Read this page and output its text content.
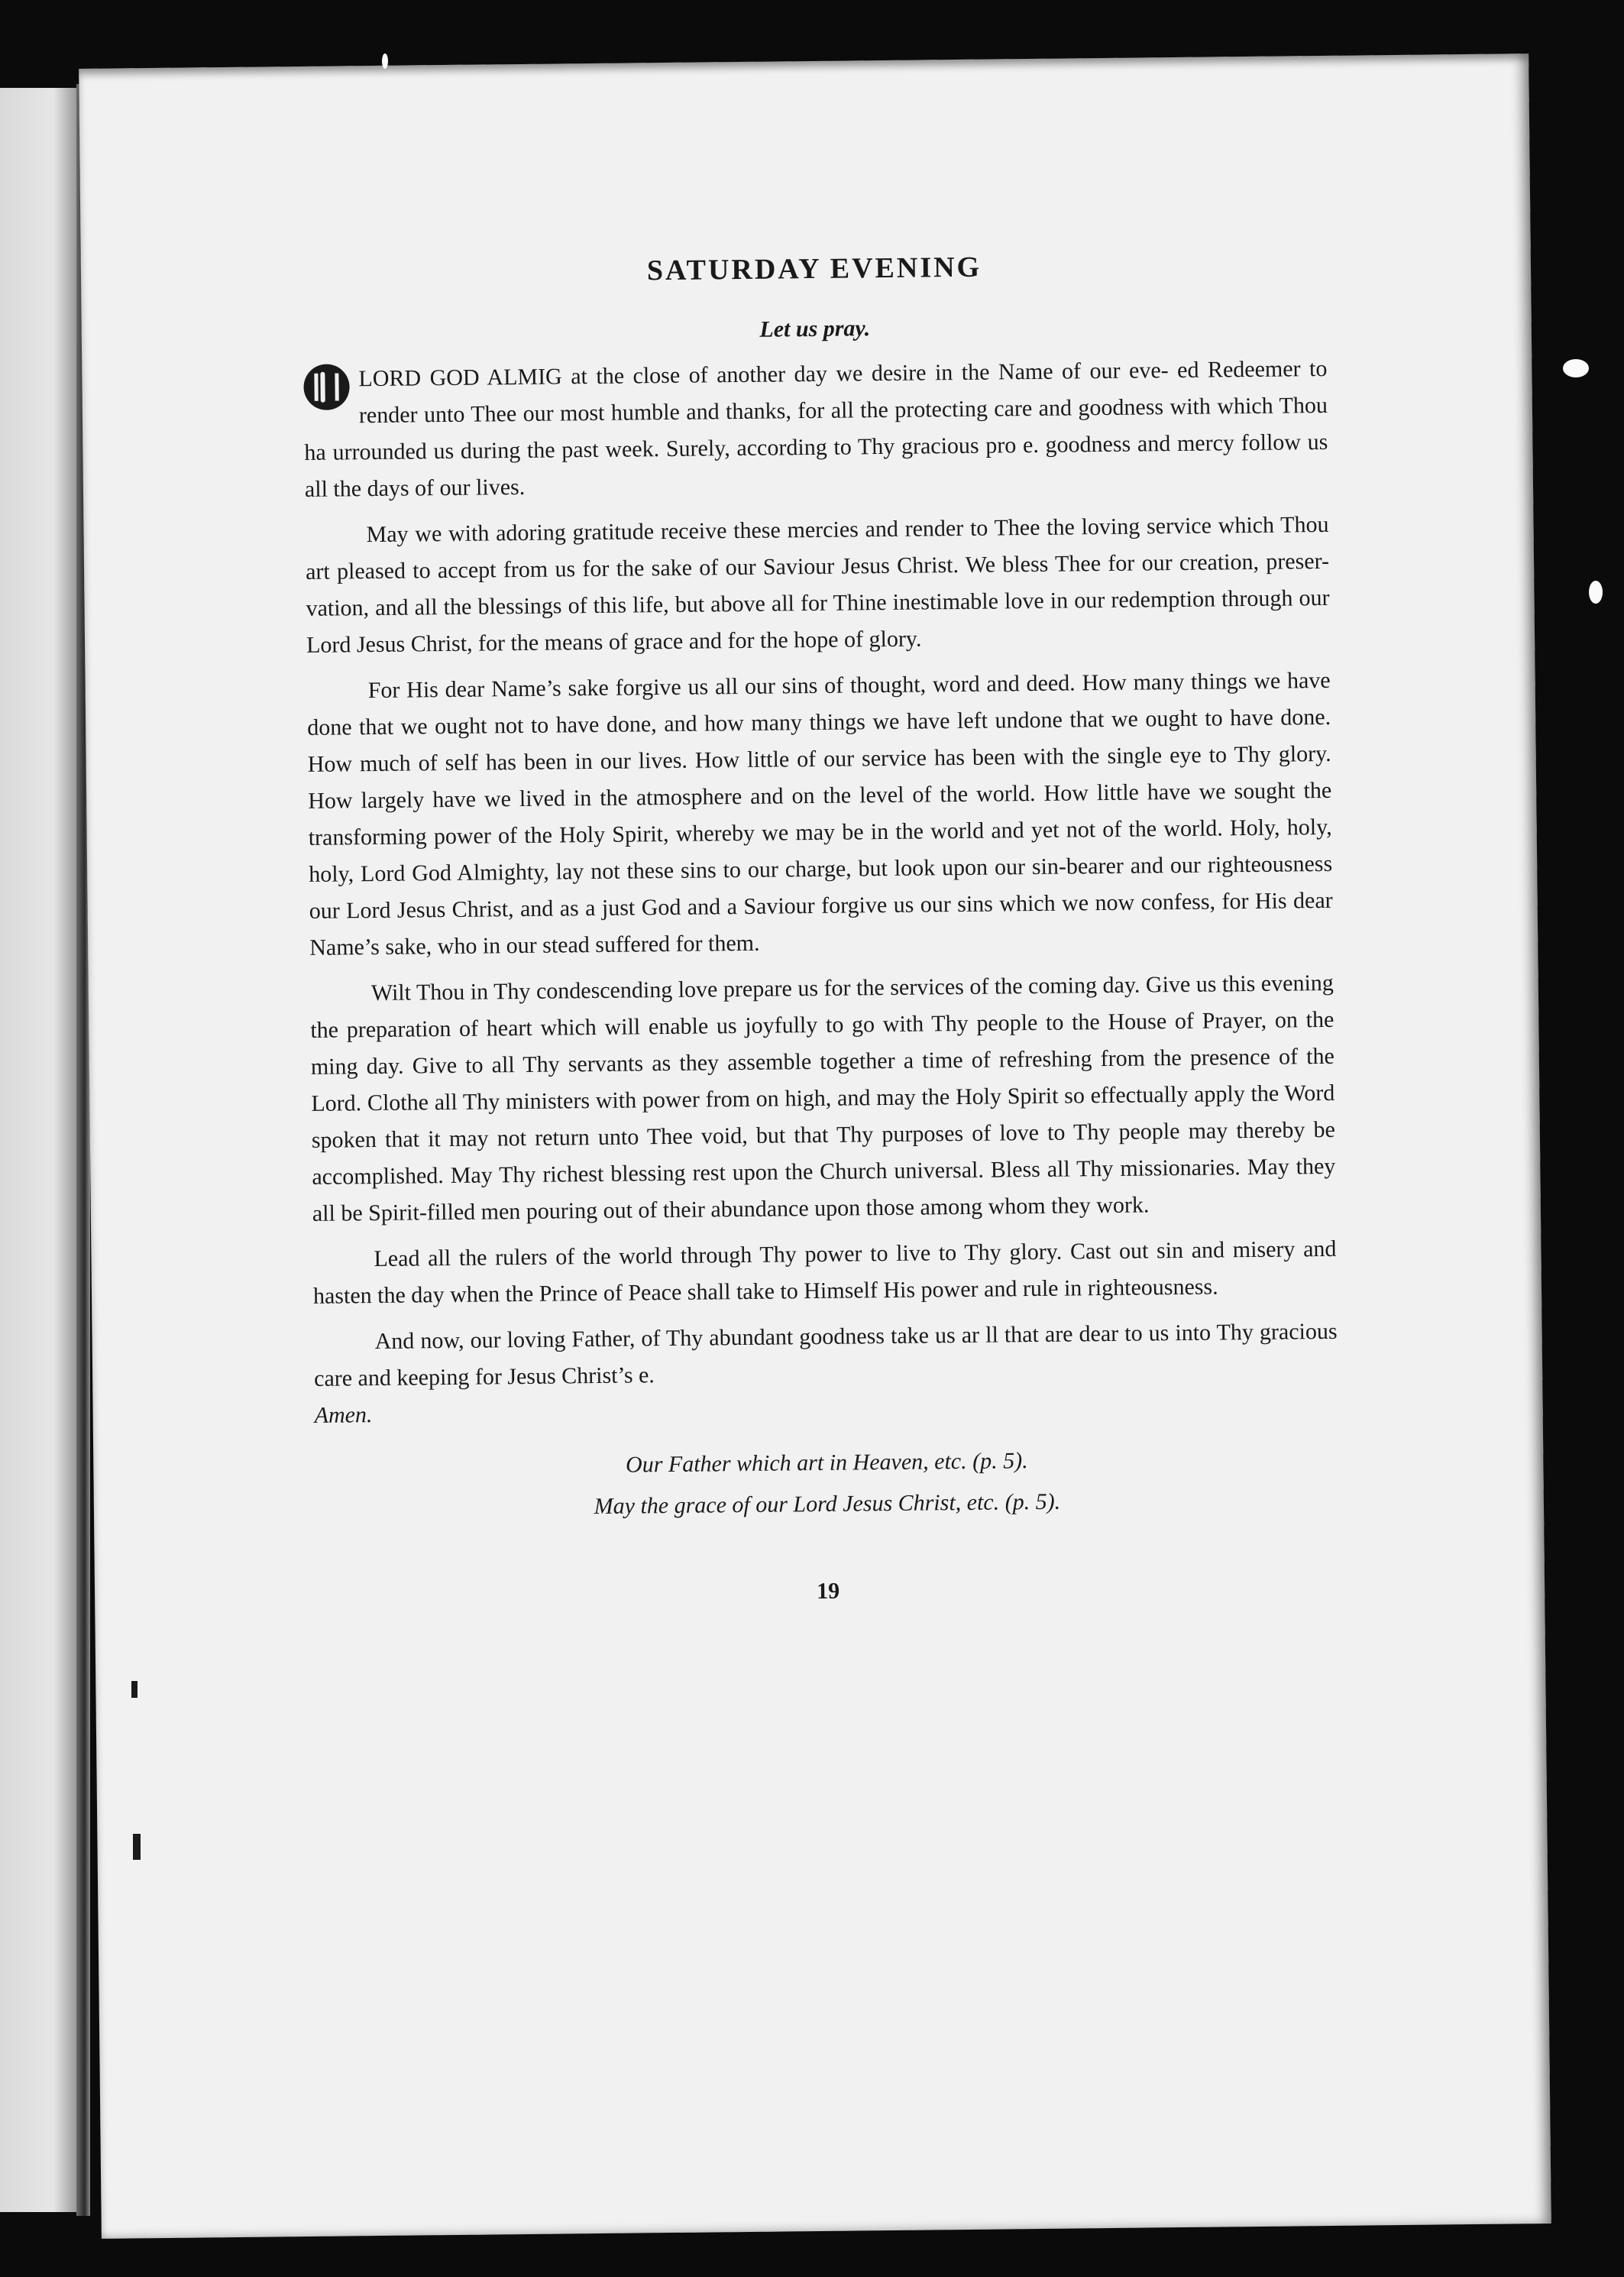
SATURDAY EVENING
Let us pray.

LORD GOD ALMIG at the close of another day we desire in the Name of our eve- ed Redeemer to render unto Thee our most humble and thanks, for all the protecting care and goodness with which Thou ha urrounded us during the past week. Surely, according to Thy gracious pro e. goodness and mercy follow us all the days of our lives.

May we with adoring gratitude receive these mercies and render to Thee the loving service which Thou art pleased to accept from us for the sake of our Saviour Jesus Christ. We bless Thee for our creation, preser-vation, and all the blessings of this life, but above all for Thine inestimable love in our redemption through our Lord Jesus Christ, for the means of grace and for the hope of glory.

For His dear Name’s sake forgive us all our sins of thought, word and deed. How many things we have done that we ought not to have done, and how many things we have left undone that we ought to have done. How much of self has been in our lives. How little of our service has been with the single eye to Thy glory. How largely have we lived in the atmosphere and on the level of the world. How little have we sought the transforming power of the Holy Spirit, whereby we may be in the world and yet not of the world. Holy, holy, holy, Lord God Almighty, lay not these sins to our charge, but look upon our sin-bearer and our righteousness our Lord Jesus Christ, and as a just God and a Saviour forgive us our sins which we now confess, for His dear Name’s sake, who in our stead suffered for them.

Wilt Thou in Thy condescending love prepare us for the services of the coming day. Give us this evening the preparation of heart which will enable us joyfully to go with Thy people to the House of Prayer, on the ming day. Give to all Thy servants as they assemble together a time of refreshing from the presence of the Lord. Clothe all Thy ministers with power from on high, and may the Holy Spirit so effectually apply the Word spoken that it may not return unto Thee void, but that Thy purposes of love to Thy people may thereby be accomplished. May Thy richest blessing rest upon the Church universal. Bless all Thy missionaries. May they all be Spirit-filled men pouring out of their abundance upon those among whom they work.

Lead all the rulers of the world through Thy power to live to Thy glory. Cast out sin and misery and hasten the day when the Prince of Peace shall take to Himself His power and rule in righteousness.

And now, our loving Father, of Thy abundant goodness take us ar ll that are dear to us into Thy gracious care and keeping for Jesus Christ’s e.
Amen.

Our Father which art in Heaven, etc. (p. 5).
May the grace of our Lord Jesus Christ, etc. (p. 5).
19
